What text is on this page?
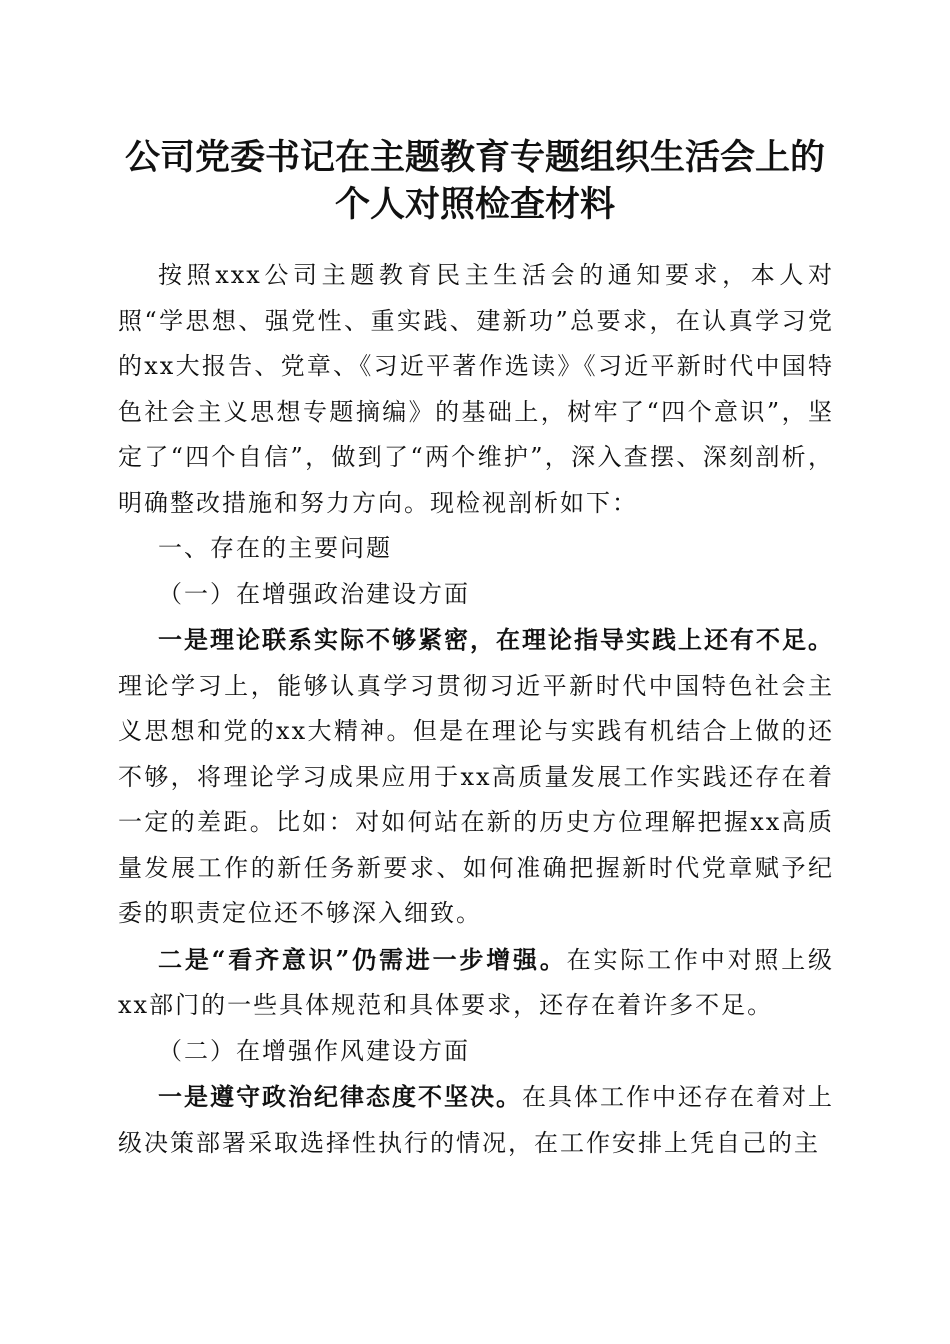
公司党委书记在主题教育专题组织生活会上的
个人对照检查材料

按照xxx公司主题教育民主生活会的通知要求，本人对照“学思想、强党性、重实践、建新功”总要求，在认真学习党的xx大报告、党章、《习近平著作选读》《习近平新时代中国特色社会主义思想专题摘编》的基础上，树牢了“四个意识”，坚定了“四个自信”，做到了“两个维护”，深入查摆、深刻剖析，明确整改措施和努力方向。现检视剖析如下：

一、存在的主要问题

（一）在增强政治建设方面

一是理论联系实际不够紧密，在理论指导实践上还有不足。理论学习上，能够认真学习贯彻习近平新时代中国特色社会主义思想和党的xx大精神。但是在理论与实践有机结合上做的还不够，将理论学习成果应用于xx高质量发展工作实践还存在着一定的差距。比如：对如何站在新的历史方位理解把握xx高质量发展工作的新任务新要求、如何准确把握新时代党章赋予纪委的职责定位还不够深入细致。

二是“看齐意识”仍需进一步增强。在实际工作中对照上级xx部门的一些具体规范和具体要求，还存在着许多不足。

（二）在增强作风建设方面

一是遵守政治纪律态度不坚决。在具体工作中还存在着对上级决策部署采取选择性执行的情况，在工作安排上凭自己的主
